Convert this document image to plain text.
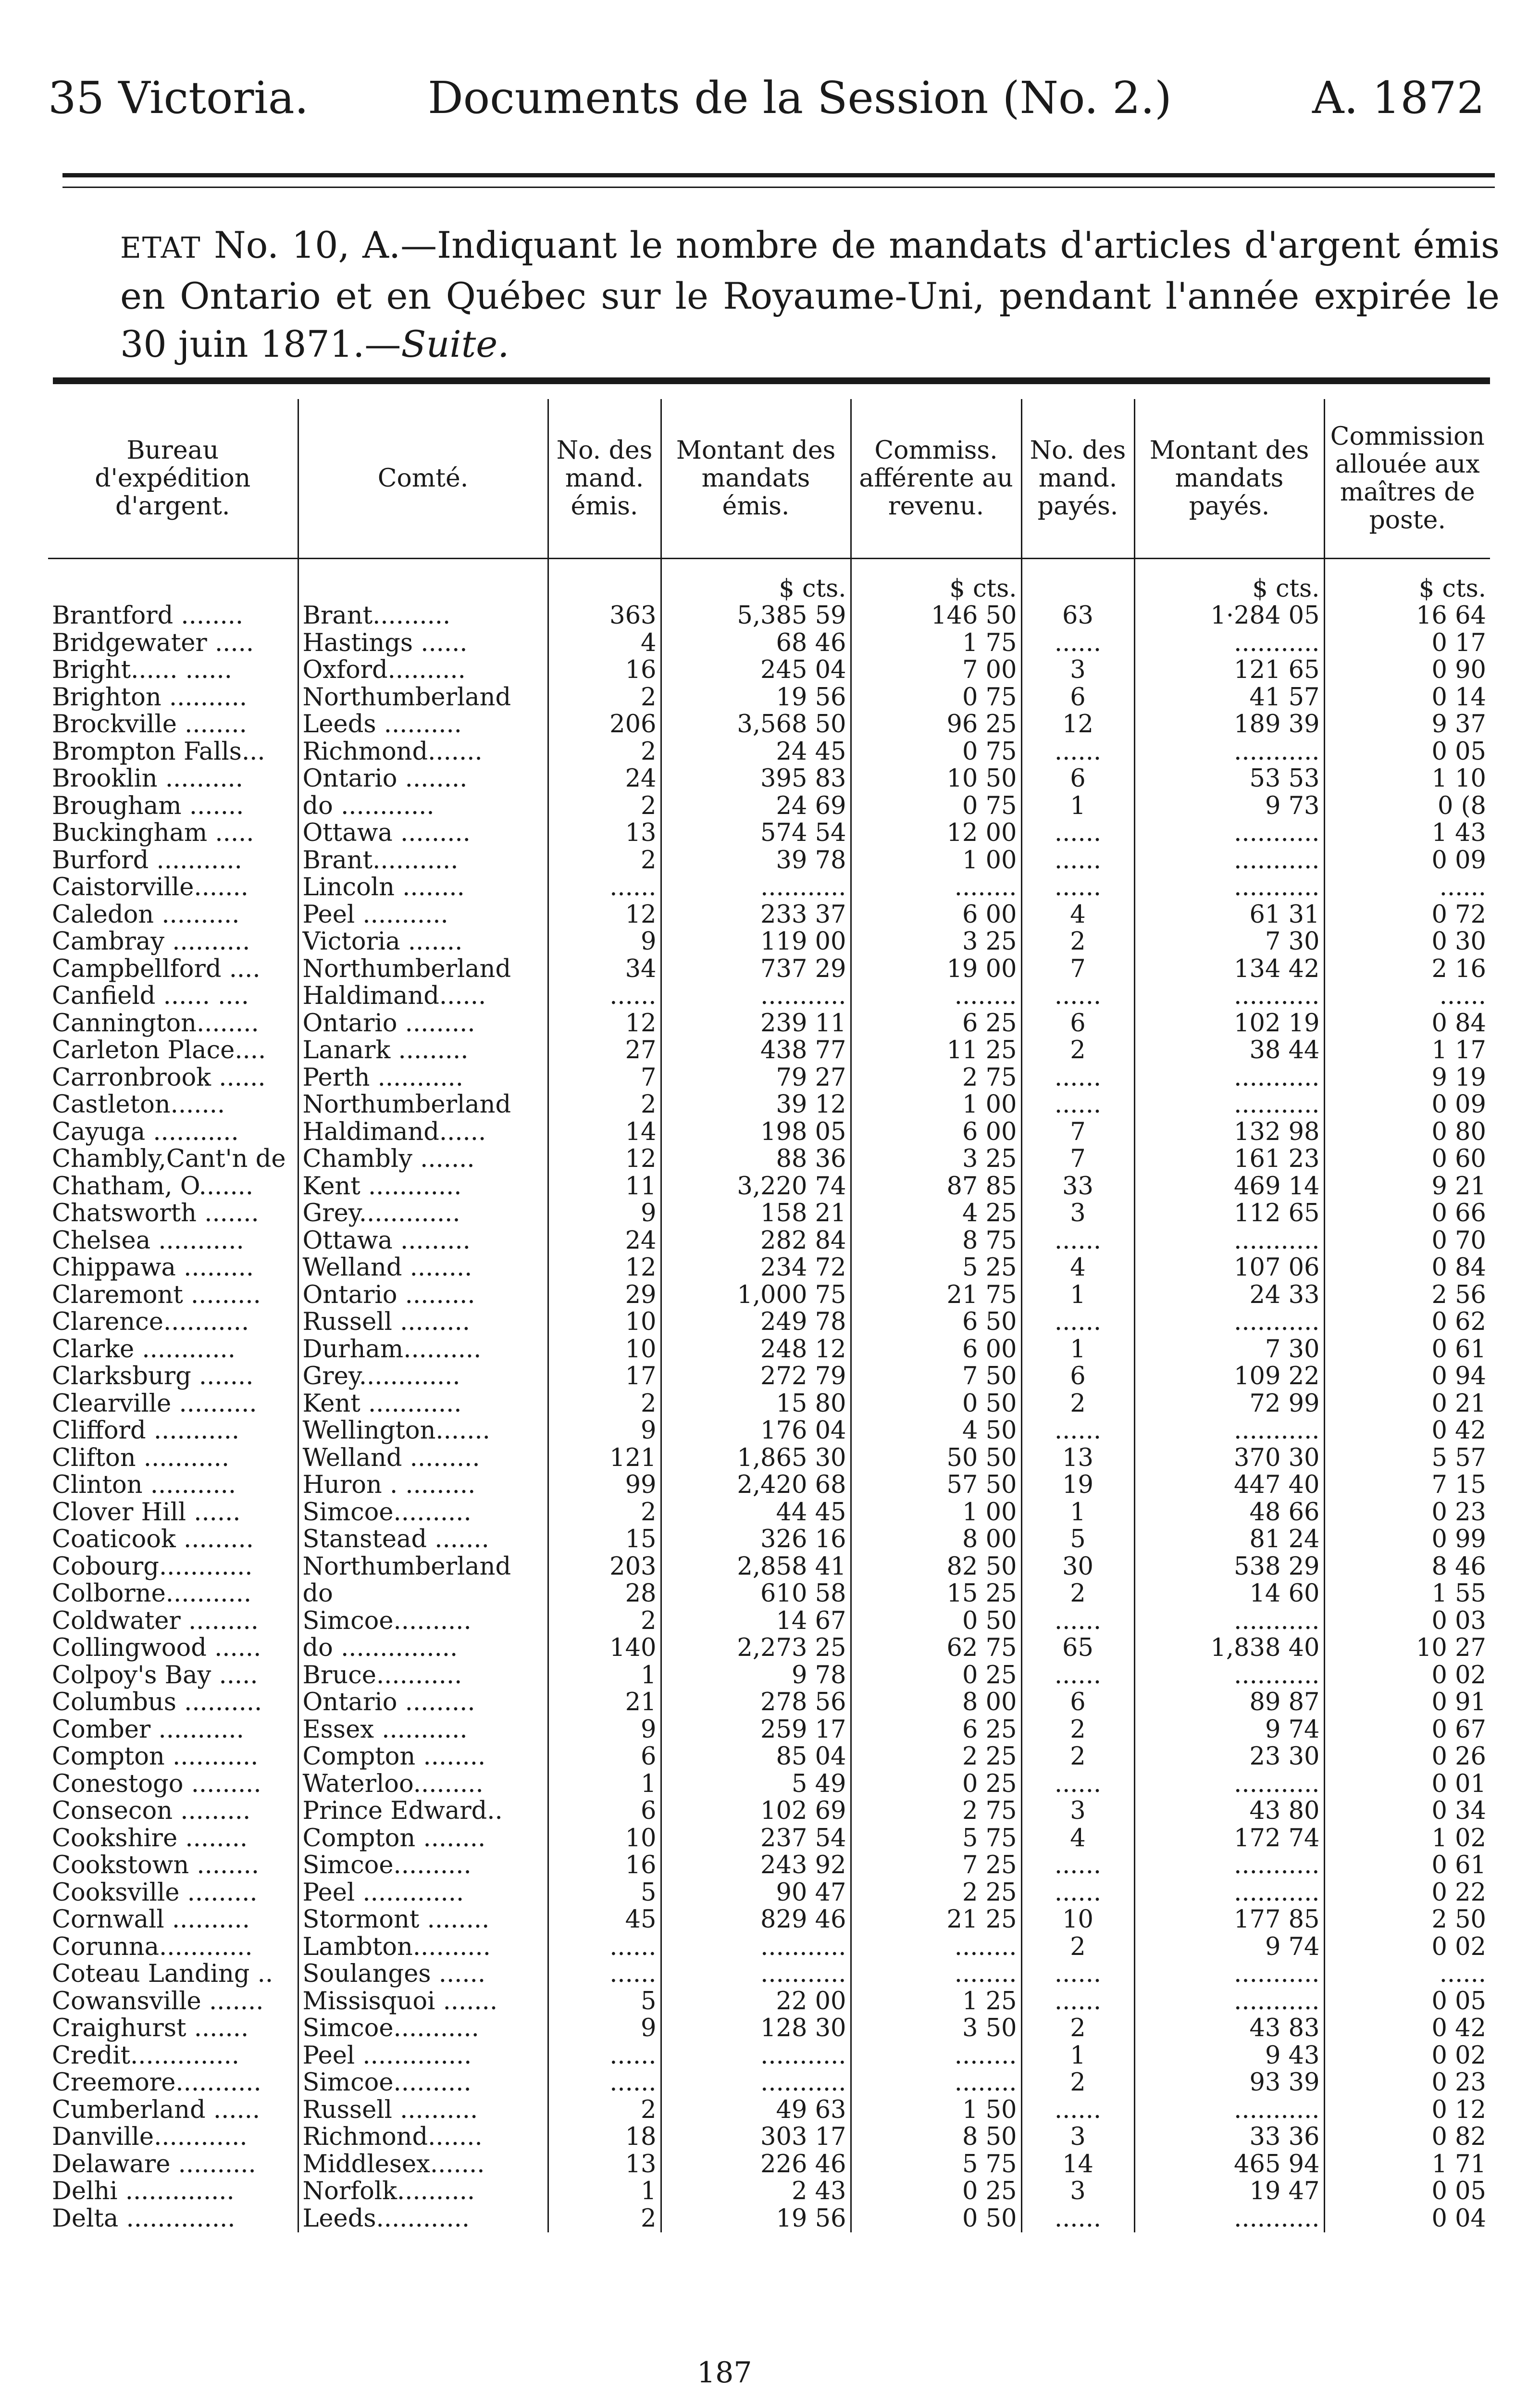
35 Victoria.	Documents de la Session (No. 2.)	A. 1872
ETAT No. 10, A.—Indiquant le nombre de mandats d'articles d'argent émis en Ontario et en Québec sur le Royaume-Uni, pendant l'année expirée le 30 juin 1871.—Suite.
Bureau d'expédition d'argent.	Comté.	No. des mand. émis.	Montant des mandats émis.	Commiss. afférente au revenu.	No. des mand. payés.	Montant des mandats payés.	Commission allouée aux maîtres de poste.
			$ cts.	$ cts.		$ cts.	$ cts.
Brantford ........	Brant..........	363	5,385 59	146 50	63	1·284 05	16 64
Bridgewater .....	Hastings ......	4	68 46	1 75	......	...........	0 17
Bright...... ......	Oxford..........	16	245 04	7 00	3	121 65	0 90
Brighton ..........	Northumberland	2	19 56	0 75	6	41 57	0 14
Brockville ........	Leeds ..........	206	3,568 50	96 25	12	189 39	9 37
Brompton Falls...	Richmond.......	2	24 45	0 75	......	...........	0 05
Brooklin ..........	Ontario ........	24	395 83	10 50	6	53 53	1 10
Brougham .......	do ............	2	24 69	0 75	1	9 73	0 (8
Buckingham .....	Ottawa .........	13	574 54	12 00	......	...........	1 43
Burford ...........	Brant...........	2	39 78	1 00	......	...........	0 09
Caistorville.......	Lincoln ........	......	...........	........	......	...........	......
Caledon ..........	Peel ...........	12	233 37	6 00	4	61 31	0 72
Cambray ..........	Victoria .......	9	119 00	3 25	2	7 30	0 30
Campbellford ....	Northumberland	34	737 29	19 00	7	134 42	2 16
Canfield ...... ....	Haldimand......	......	...........	........	......	...........	......
Cannington........	Ontario .........	12	239 11	6 25	6	102 19	0 84
Carleton Place....	Lanark .........	27	438 77	11 25	2	38 44	1 17
Carronbrook ......	Perth ...........	7	79 27	2 75	......	...........	9 19
Castleton.......	Northumberland	2	39 12	1 00	......	...........	0 09
Cayuga ...........	Haldimand......	14	198 05	6 00	7	132 98	0 80
Chambly,Cant'n de	Chambly .......	12	88 36	3 25	7	161 23	0 60
Chatham, O.......	Kent ............	11	3,220 74	87 85	33	469 14	9 21
Chatsworth .......	Grey.............	9	158 21	4 25	3	112 65	0 66
Chelsea ...........	Ottawa .........	24	282 84	8 75	......	...........	0 70
Chippawa .........	Welland ........	12	234 72	5 25	4	107 06	0 84
Claremont .........	Ontario .........	29	1,000 75	21 75	1	24 33	2 56
Clarence...........	Russell .........	10	249 78	6 50	......	...........	0 62
Clarke ............	Durham..........	10	248 12	6 00	1	7 30	0 61
Clarksburg .......	Grey.............	17	272 79	7 50	6	109 22	0 94
Clearville ..........	Kent ............	2	15 80	0 50	2	72 99	0 21
Clifford ...........	Wellington.......	9	176 04	4 50	......	...........	0 42
Clifton ...........	Welland .........	121	1,865 30	50 50	13	370 30	5 57
Clinton ...........	Huron . .........	99	2,420 68	57 50	19	447 40	7 15
Clover Hill ......	Simcoe..........	2	44 45	1 00	1	48 66	0 23
Coaticook .........	Stanstead .......	15	326 16	8 00	5	81 24	0 99
Cobourg............	Northumberland	203	2,858 41	82 50	30	538 29	8 46
Colborne...........	do	28	610 58	15 25	2	14 60	1 55
Coldwater .........	Simcoe..........	2	14 67	0 50	......	...........	0 03
Collingwood ......	do ...............	140	2,273 25	62 75	65	1,838 40	10 27
Colpoy's Bay .....	Bruce...........	1	9 78	0 25	......	...........	0 02
Columbus ..........	Ontario .........	21	278 56	8 00	6	89 87	0 91
Comber ...........	Essex ...........	9	259 17	6 25	2	9 74	0 67
Compton ...........	Compton ........	6	85 04	2 25	2	23 30	0 26
Conestogo .........	Waterloo.........	1	5 49	0 25	......	...........	0 01
Consecon .........	Prince Edward..	6	102 69	2 75	3	43 80	0 34
Cookshire ........	Compton ........	10	237 54	5 75	4	172 74	1 02
Cookstown ........	Simcoe..........	16	243 92	7 25	......	...........	0 61
Cooksville .........	Peel .............	5	90 47	2 25	......	...........	0 22
Cornwall ..........	Stormont ........	45	829 46	21 25	10	177 85	2 50
Corunna............	Lambton..........	......	...........	........	2	9 74	0 02
Coteau Landing ..	Soulanges ......	......	...........	........	......	...........	......
Cowansville .......	Missisquoi .......	5	22 00	1 25	......	...........	0 05
Craighurst .......	Simcoe...........	9	128 30	3 50	2	43 83	0 42
Credit..............	Peel ..............	......	...........	........	1	9 43	0 02
Creemore...........	Simcoe..........	......	...........	........	2	93 39	0 23
Cumberland ......	Russell ..........	2	49 63	1 50	......	...........	0 12
Danville............	Richmond.......	18	303 17	8 50	3	33 36	0 82
Delaware ..........	Middlesex.......	13	226 46	5 75	14	465 94	1 71
Delhi ..............	Norfolk..........	1	2 43	0 25	3	19 47	0 05
Delta ..............	Leeds............	2	19 56	0 50	......	...........	0 04
187
